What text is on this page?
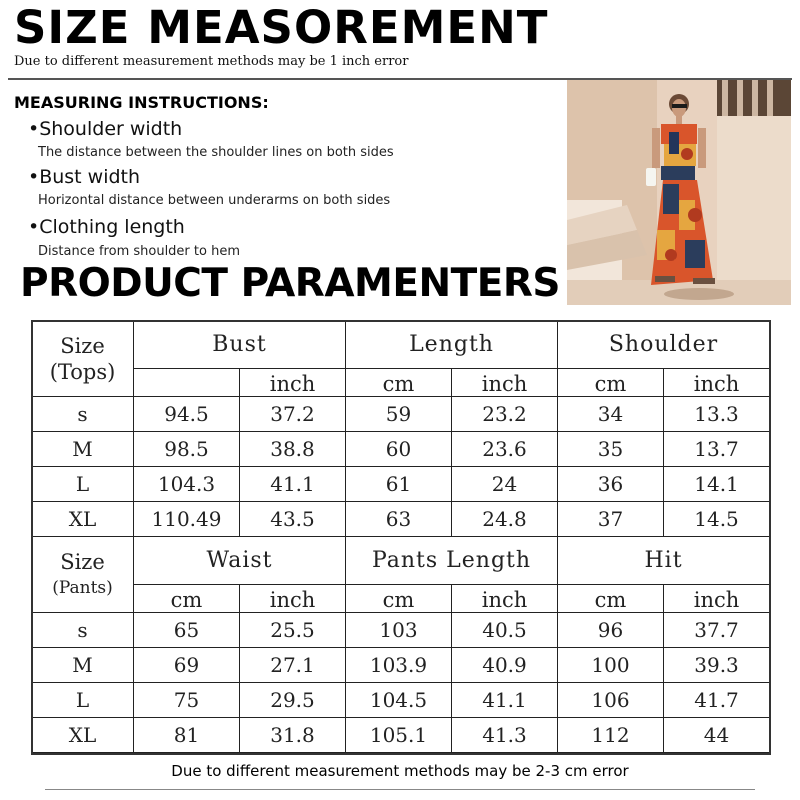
SIZE MEASOREMENT
Due to different measurement methods may be 1 inch error
MEASURING INSTRUCTIONS:
•Shoulder width
The distance between the shoulder lines on both sides
•Bust width
Horizontal distance between underarms on both sides
•Clothing length
Distance from shoulder to hem
PRODUCT PARAMENTERS
Size
(Tops)	Bust		Length		Shoulder	
		inch	cm	inch	cm	inch
s	94.5	37.2	59	23.2	34	13.3
M	98.5	38.8	60	23.6	35	13.7
L	104.3	41.1	61	24	36	14.1
XL	110.49	43.5	63	24.8	37	14.5

Size
(Pants)	Waist		Pants Length		Hit	
	cm	inch	cm	inch	cm	inch
s	65	25.5	103	40.5	96	37.7
M	69	27.1	103.9	40.9	100	39.3
L	75	29.5	104.5	41.1	106	41.7
XL	81	31.8	105.1	41.3	112	44
Due to different measurement methods may be 2-3 cm error
